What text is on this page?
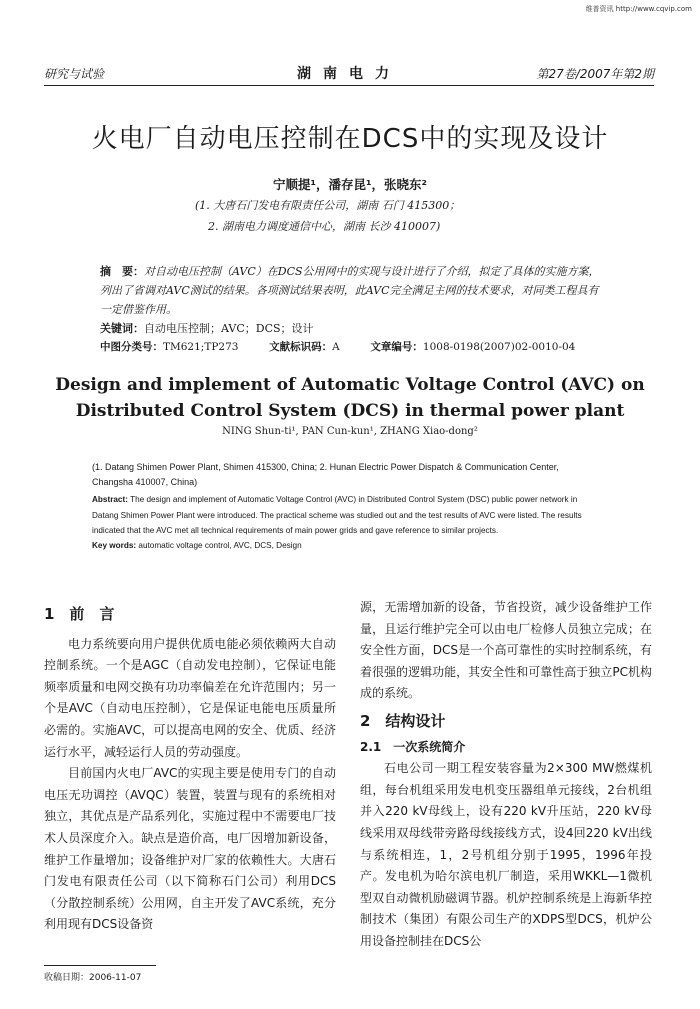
维普资讯 http://www.cqvip.com
研究与试验	湖南电力	第27卷/2007年第2期
火电厂自动电压控制在DCS中的实现及设计
宁顺提¹，潘存昆¹，张晓东²
(1. 大唐石门发电有限责任公司，湖南 石门 415300；
2. 湖南电力调度通信中心，湖南 长沙 410007)
摘　要：对自动电压控制（AVC）在DCS公用网中的实现与设计进行了介绍，拟定了具体的实施方案，列出了省调对AVC测试的结果。各项测试结果表明，此AVC完全满足主网的技术要求，对同类工程具有一定借鉴作用。
关键词：自动电压控制；AVC；DCS；设计
中图分类号：TM621;TP273	文献标识码：A	文章编号：1008-0198(2007)02-0010-04
Design and implement of Automatic Voltage Control (AVC) on Distributed Control System (DCS) in thermal power plant
NING Shun-ti¹, PAN Cun-kun¹, ZHANG Xiao-dong²
(1. Datang Shimen Power Plant, Shimen 415300, China; 2. Hunan Electric Power Dispatch & Communication Center, Changsha 410007, China)
Abstract: The design and implement of Automatic Voltage Control (AVC) in Distributed Control System (DSC) public power network in Datang Shimen Power Plant were introduced. The practical scheme was studied out and the test results of AVC were listed. The results indicated that the AVC met all technical requirements of main power grids and gave reference to similar projects.
Key words: automatic voltage control, AVC, DCS, Design
1　前　言

电力系统要向用户提供优质电能必须依赖两大自动控制系统。一个是AGC（自动发电控制），它保证电能频率质量和电网交换有功功率偏差在允许范围内；另一个是AVC（自动电压控制），它是保证电能电压质量所必需的。实施AVC，可以提高电网的安全、优质、经济运行水平，减轻运行人员的劳动强度。

目前国内火电厂AVC的实现主要是使用专门的自动电压无功调控（AVQC）装置，装置与现有的系统相对独立，其优点是产品系列化，实施过程中不需要电厂技术人员深度介入。缺点是造价高，电厂因增加新设备，维护工作量增加；设备维护对厂家的依赖性大。大唐石门发电有限责任公司（以下简称石门公司）利用DCS（分散控制系统）公用网，自主开发了AVC系统，充分利用现有DCS设备资

源，无需增加新的设备，节省投资，减少设备维护工作量，且运行维护完全可以由电厂检修人员独立完成；在安全性方面，DCS是一个高可靠性的实时控制系统，有着很强的逻辑功能，其安全性和可靠性高于独立PC机构成的系统。

2　结构设计
2.1　一次系统简介

石电公司一期工程安装容量为2×300 MW燃煤机组，每台机组采用发电机变压器组单元接线，2台机组并入220 kV母线上，设有220 kV升压站，220 kV母线采用双母线带旁路母线接线方式，设4回220 kV出线与系统相连，1，2号机组分别于1995，1996年投产。发电机为哈尔滨电机厂制造，采用WKKL—1微机型双自动微机励磁调节器。机炉控制系统是上海新华控制技术（集团）有限公司生产的XDPS型DCS，机炉公用设备控制挂在DCS公

收稿日期：2006-11-07
